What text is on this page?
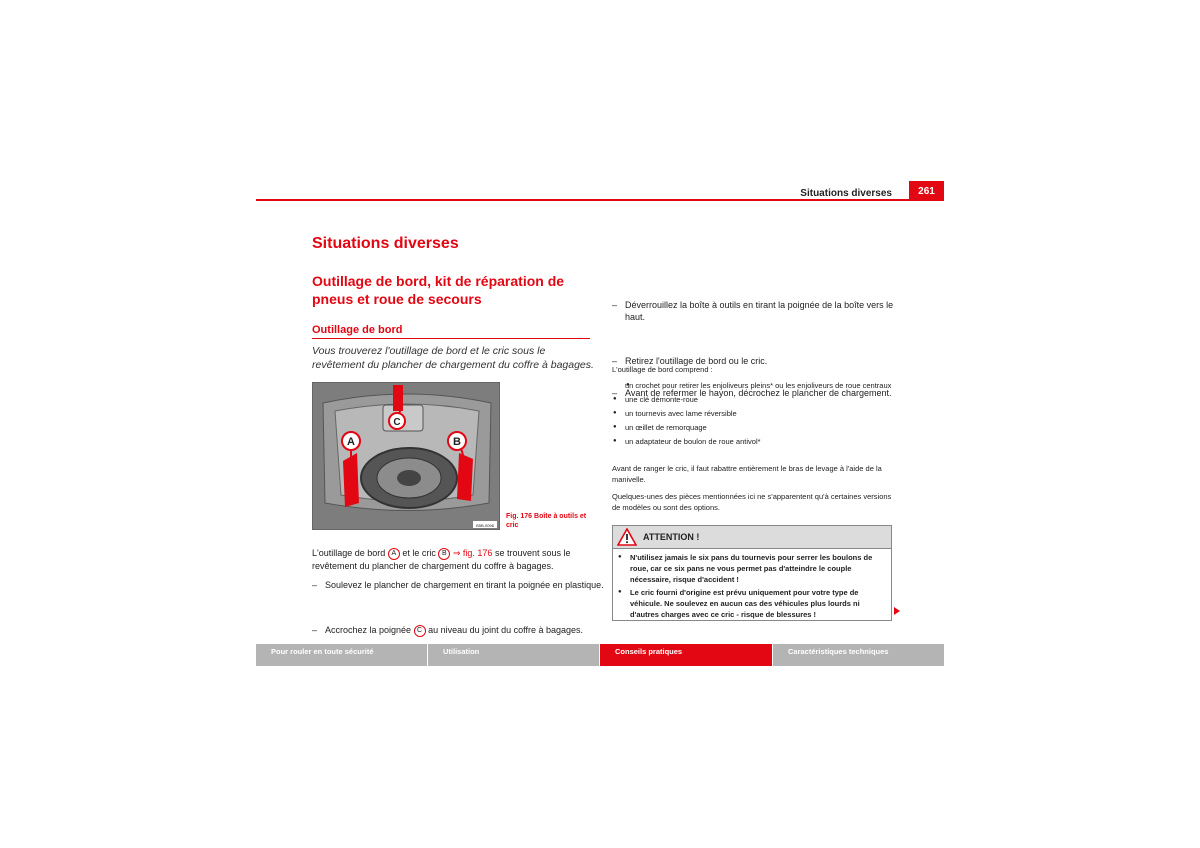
Situations diverses	261
Situations diverses
Outillage de bord, kit de réparation de pneus et roue de secours
Outillage de bord
Vous trouverez l'outillage de bord et le cric sous le revêtement du plancher de chargement du coffre à bagages.
A	B
C
B5B-0098
Fig. 176 Boîte à outils et cric
L'outillage de bord A et le cric B ⇒ fig. 176 se trouvent sous le revêtement du plancher de chargement du coffre à bagages.
– Soulevez le plancher de chargement en tirant la poignée en plastique.
– Accrochez la poignée C au niveau du joint du coffre à bagages.
– Déverrouillez la boîte à outils en tirant la poignée de la boîte vers le haut.
– Retirez l'outillage de bord ou le cric.
– Avant de refermer le hayon, décrochez le plancher de chargement.
L'outillage de bord comprend :
● un crochet pour retirer les enjoliveurs pleins* ou les enjoliveurs de roue centraux
● une clé démonte-roue
● un tournevis avec lame réversible
● un œillet de remorquage
● un adaptateur de boulon de roue antivol*
Avant de ranger le cric, il faut rabattre entièrement le bras de levage à l'aide de la manivelle.
Quelques-unes des pièces mentionnées ici ne s'apparentent qu'à certaines versions de modèles ou sont des options.
ATTENTION !
● N'utilisez jamais le six pans du tournevis pour serrer les boulons de roue, car ce six pans ne vous permet pas d'atteindre le couple nécessaire, risque d'accident !
● Le cric fourni d'origine est prévu uniquement pour votre type de véhicule. Ne soulevez en aucun cas des véhicules plus lourds ni d'autres charges avec ce cric - risque de blessures !
Pour rouler en toute sécurité	Utilisation	Conseils pratiques	Caractéristiques techniques
